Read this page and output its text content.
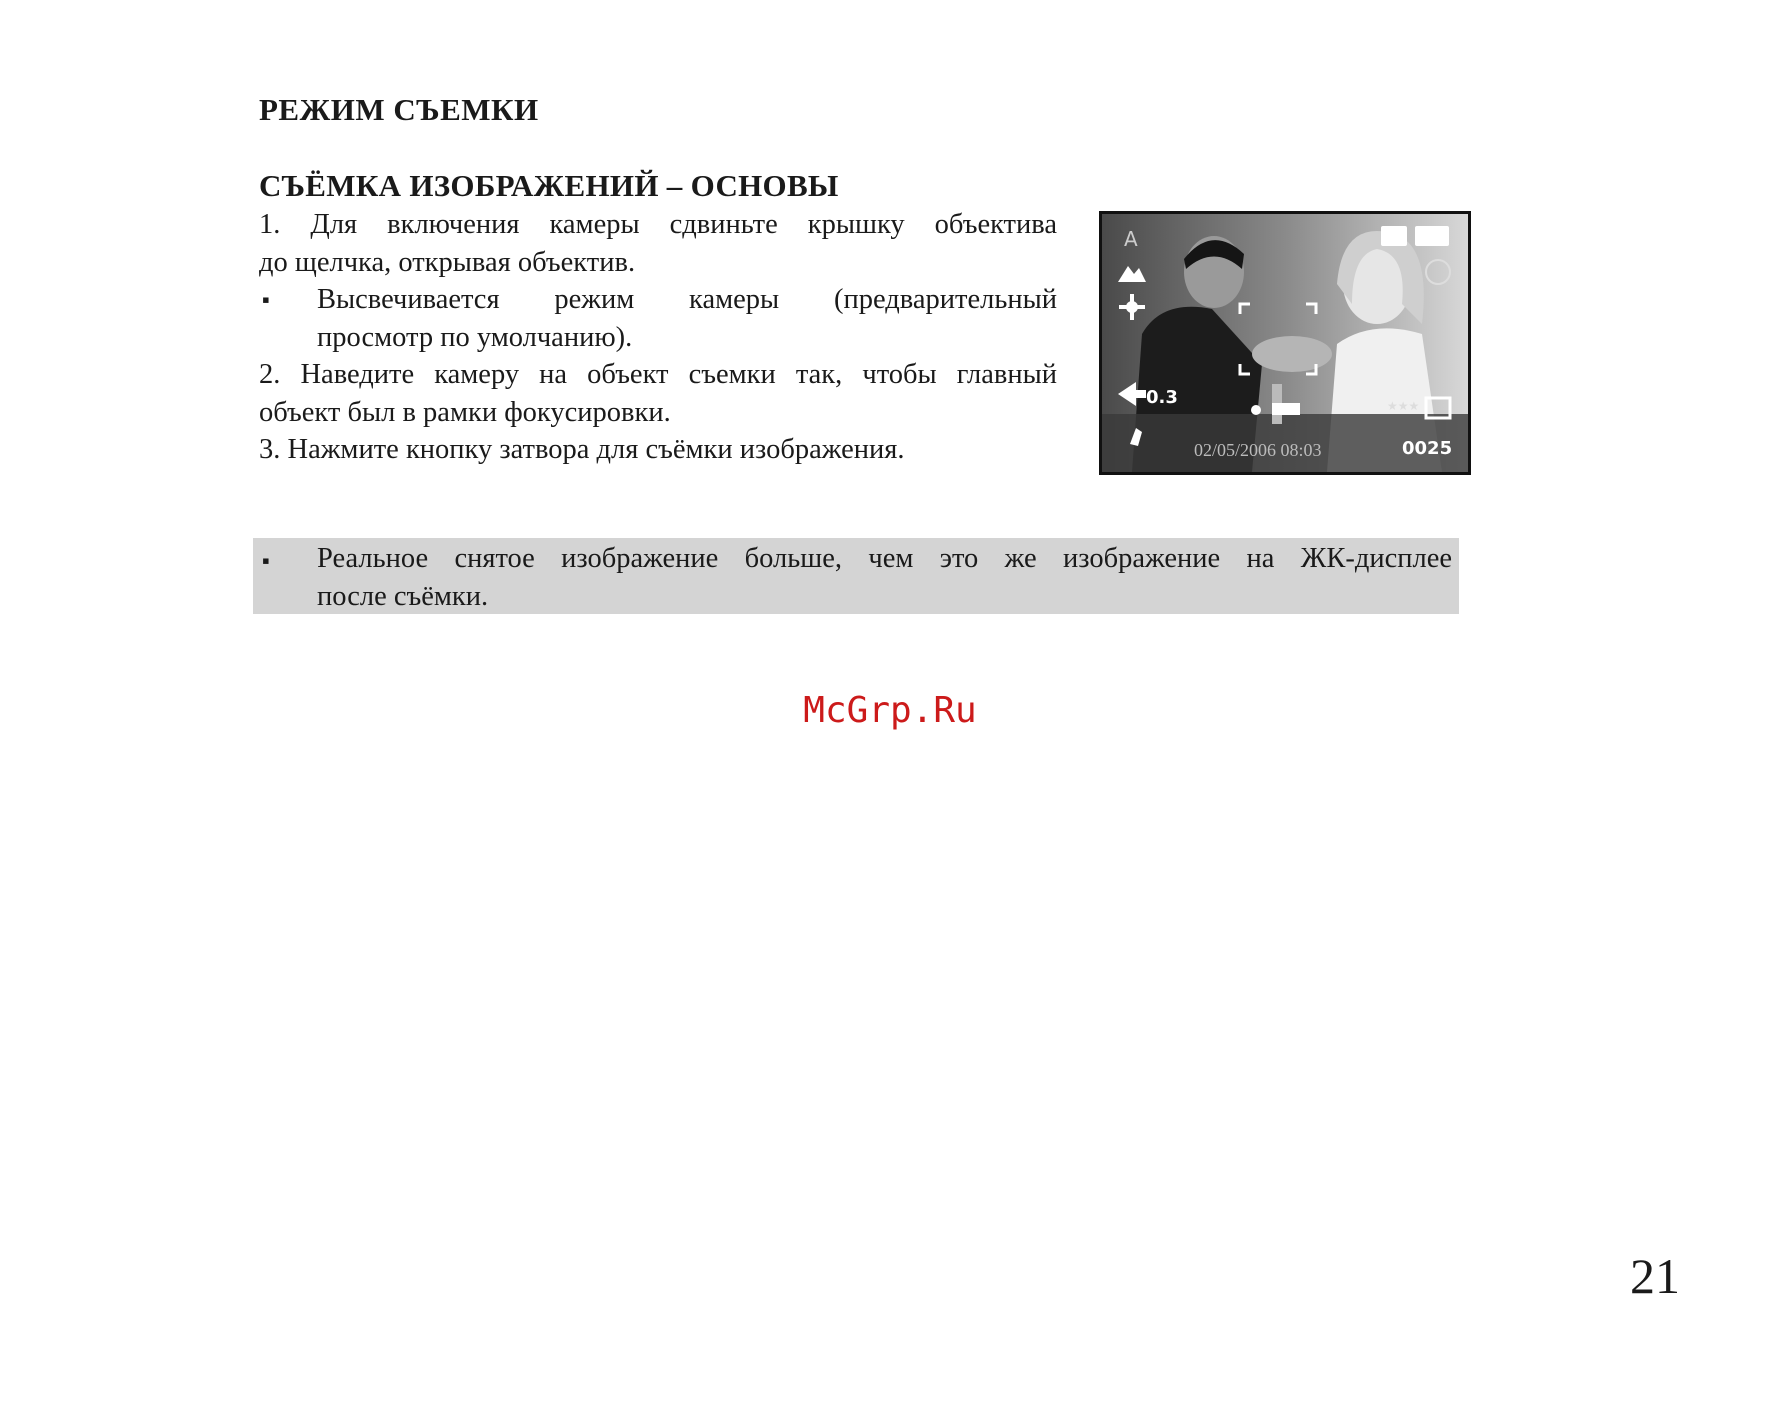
РЕЖИМ СЪЕМКИ
СЪЁМКА ИЗОБРАЖЕНИЙ – ОСНОВЫ

1. Для включения камеры сдвиньте крышку объектива

до щелчка, открывая объектив.

▪ Высвечивается режим камеры (предварительный

просмотр по умолчанию).

2. Наведите камеру на объект съемки так, чтобы главный

объект был в рамки фокусировки.

3. Нажмите кнопку затвора для съёмки изображения.

A
★★★
0.3
02/05/2006 08:03	0025
▪ Реальное снятое изображение больше, чем это же изображение на ЖК-дисплее
после съёмки.
McGrp.Ru
21
